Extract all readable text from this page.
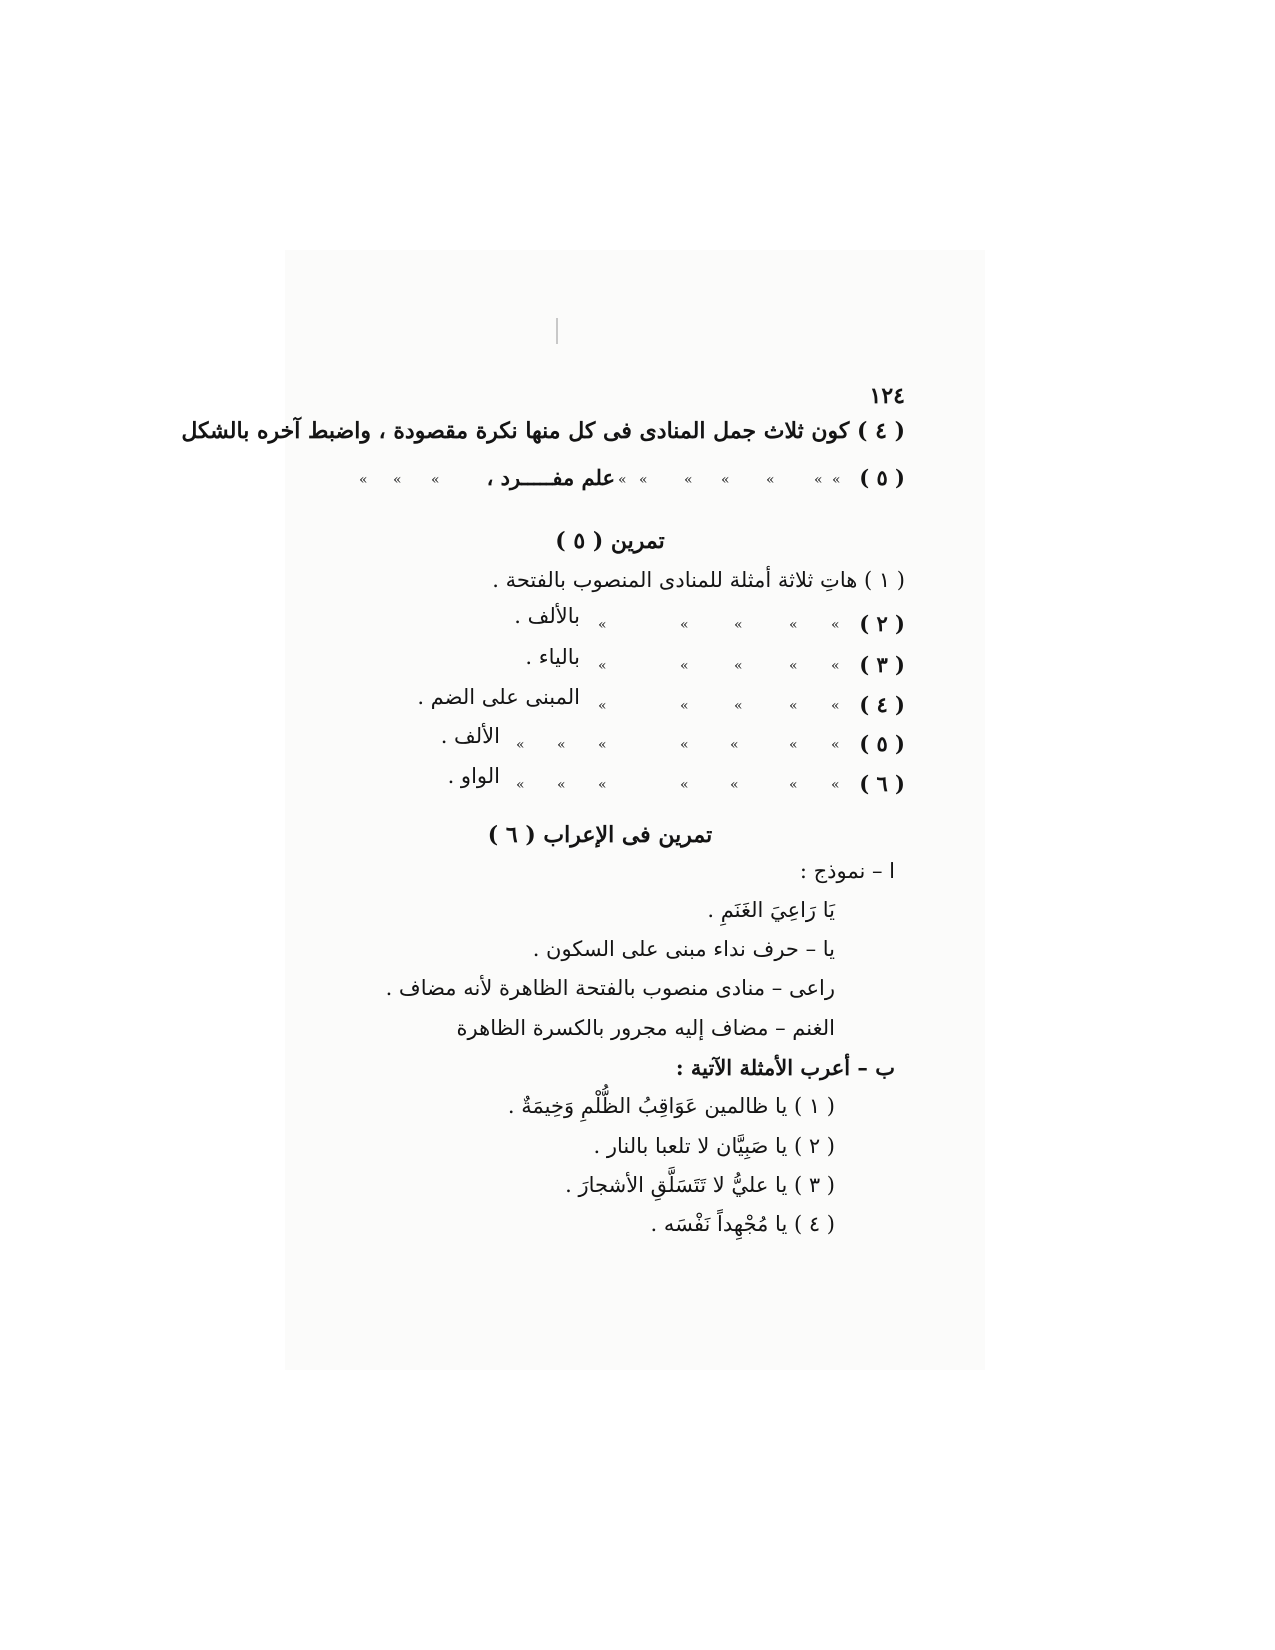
١٢٤
( ٤ ) كون ثلاث جمل المنادى فى كل منها نكرة مقصودة ، واضبط آخره بالشكل
( ٥ )
«
«
«
«
«
«
«
علم مفـــــرد ،
«
«
«
تمرين ( ٥ )
( ١ ) هاتِ ثلاثة أمثلة للمنادى المنصوب بالفتحة .
( ٢ )
«
«
«
«
«
بالألف .
( ٣ )
«
«
«
«
«
بالياء .
( ٤ )
«
«
«
«
«
المبنى على الضم .
( ٥ )
«
«
«
«
«
«
«
الألف .
( ٦ )
«
«
«
«
«
«
«
الواو .
تمرين فى الإعراب ( ٦ )
ا – نموذج :
يَا رَاعِيَ الغَنَمِ .
يا – حرف نداء مبنى على السكون .
راعى – منادى منصوب بالفتحة الظاهرة لأنه مضاف .
الغنم – مضاف إليه مجرور بالكسرة الظاهرة
ب – أعرب الأمثلة الآتية :
( ١ ) يا ظالمين عَوَاقِبُ الظُّلْمِ وَخِيمَةٌ .
( ٢ ) يا صَبِيَّان لا تلعبا بالنار .
( ٣ ) يا عليُّ لا تَتَسَلَّقِ الأشجارَ .
( ٤ ) يا مُجْهِداً نَفْسَه .
